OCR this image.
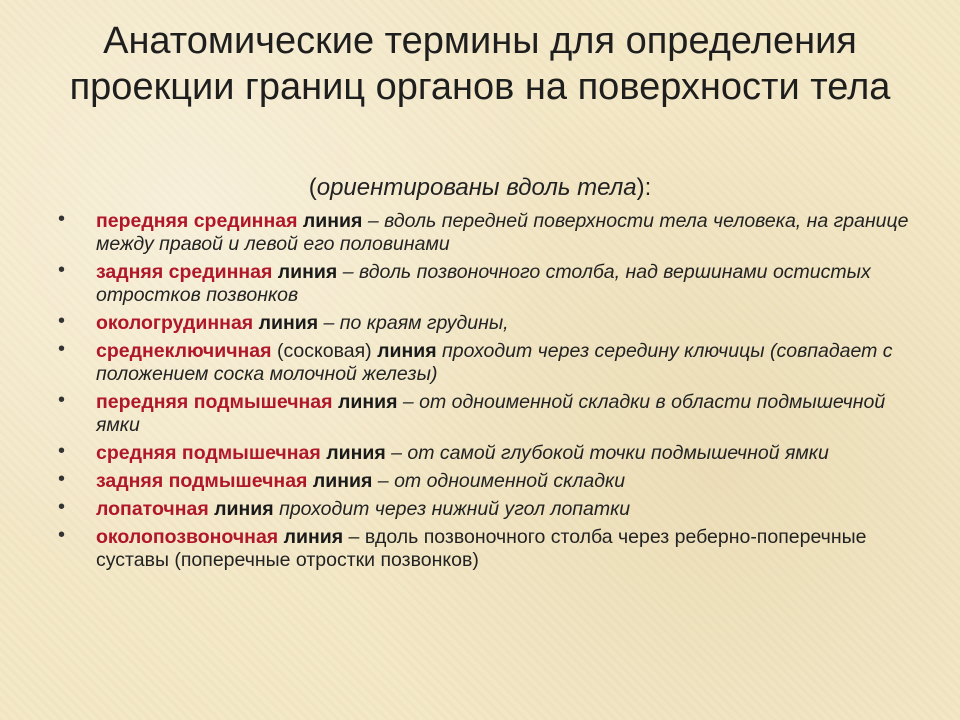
Анатомические термины для определения проекции границ органов на поверхности тела
(ориентированы вдоль тела):
• передняя срединная линия – вдоль передней поверхности тела человека, на границе между правой и левой его половинами
• задняя срединная линия – вдоль позвоночного столба, над вершинами остистых отростков позвонков
• окологрудинная линия – по краям грудины,
• среднеключичная (сосковая) линия проходит через середину ключицы (совпадает с положением соска молочной железы)
• передняя подмышечная линия – от одноименной складки в области подмышечной ямки
• средняя подмышечная линия – от самой глубокой точки подмышечной ямки
• задняя подмышечная линия – от одноименной складки
• лопаточная линия проходит через нижний угол лопатки
• околопозвоночная линия – вдоль позвоночного столба через реберно-поперечные суставы (поперечные отростки позвонков)
